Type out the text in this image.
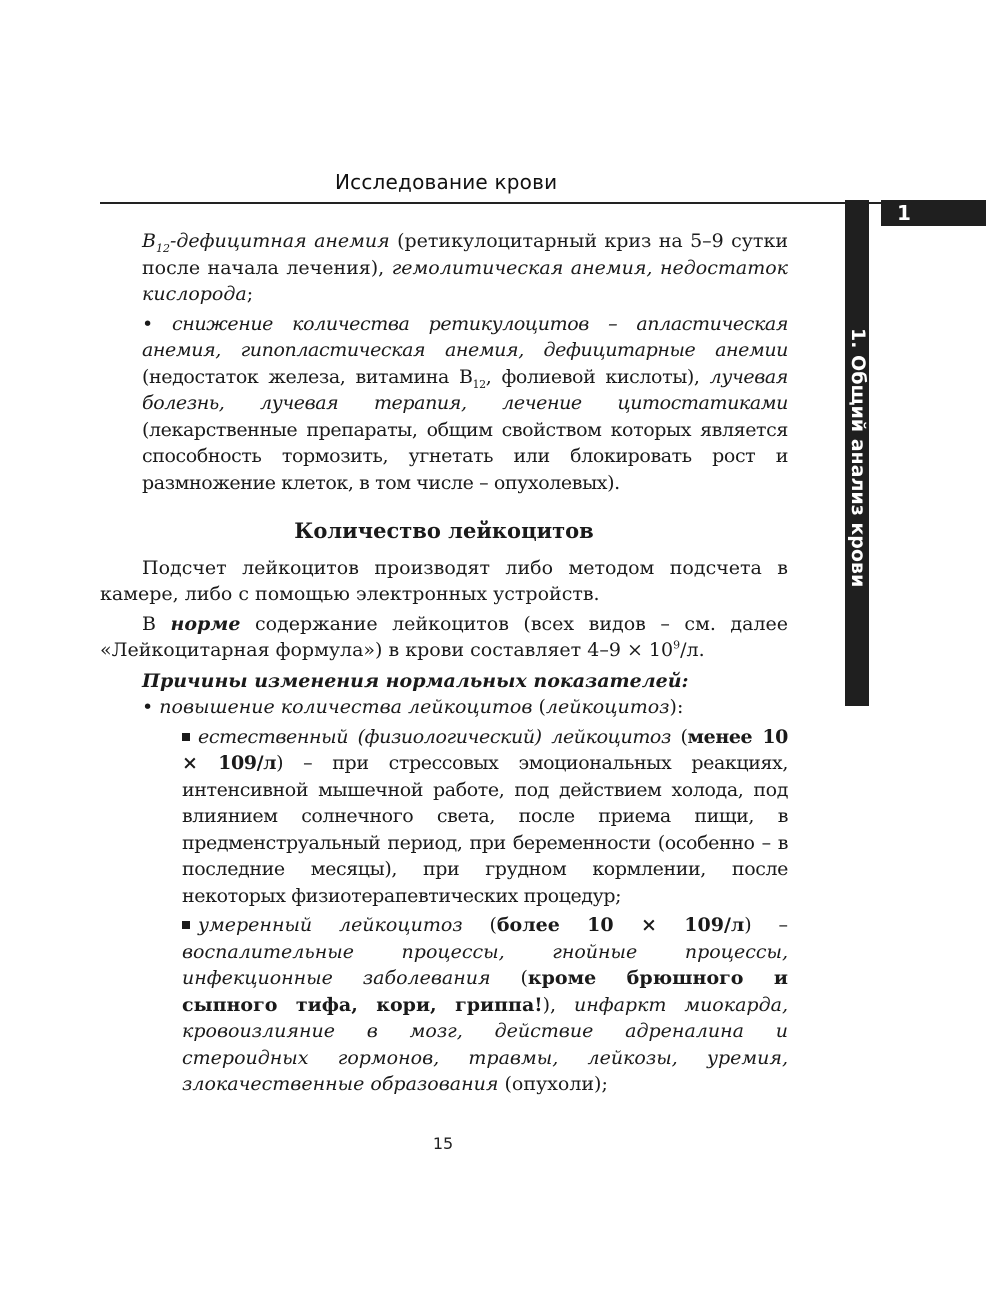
Исследование крови
1
1. Общий анализ крови

$B_{12}$-дефицитная анемия (ретикулоцитарный криз на 5–9 сутки после начала лечения), гемолитическая анемия, недостаток кислорода;

• снижение количества ретикулоцитов – апластическая анемия, гипопластическая анемия, дефицитарные анемии (недостаток железа, витамина $B_{12}$, фолиевой кислоты), лучевая болезнь, лучевая терапия, лечение цитостатиками (лекарственные препараты, общим свойством которых является способность тормозить, угнетать или блокировать рост и размножение клеток, в том числе – опухолевых).

Количество лейкоцитов

Подсчет лейкоцитов производят либо методом подсчета в камере, либо с помощью электронных устройств.

В норме содержание лейкоцитов (всех видов – см. далее «Лейкоцитарная формула») в крови составляет $4-9 \times 10^9/л$.

Причины изменения нормальных показателей:

• повышение количества лейкоцитов (лейкоцитоз):

естественный (физиологический) лейкоцитоз (менее 10 × 109/л) – при стрессовых эмоциональных реакциях, интенсивной мышечной работе, под действием холода, под влиянием солнечного света, после приема пищи, в предменструальный период, при беременности (особенно – в последние месяцы), при грудном кормлении, после некоторых физиотерапевтических процедур;

умеренный лейкоцитоз (более 10 × 109/л) – воспалительные процессы, гнойные процессы, инфекционные заболевания (кроме брюшного и сыпного тифа, кори, гриппа!), инфаркт миокарда, кровоизлияние в мозг, действие адреналина и стероидных гормонов, травмы, лейкозы, уремия, злокачественные образования (опухоли);

15
